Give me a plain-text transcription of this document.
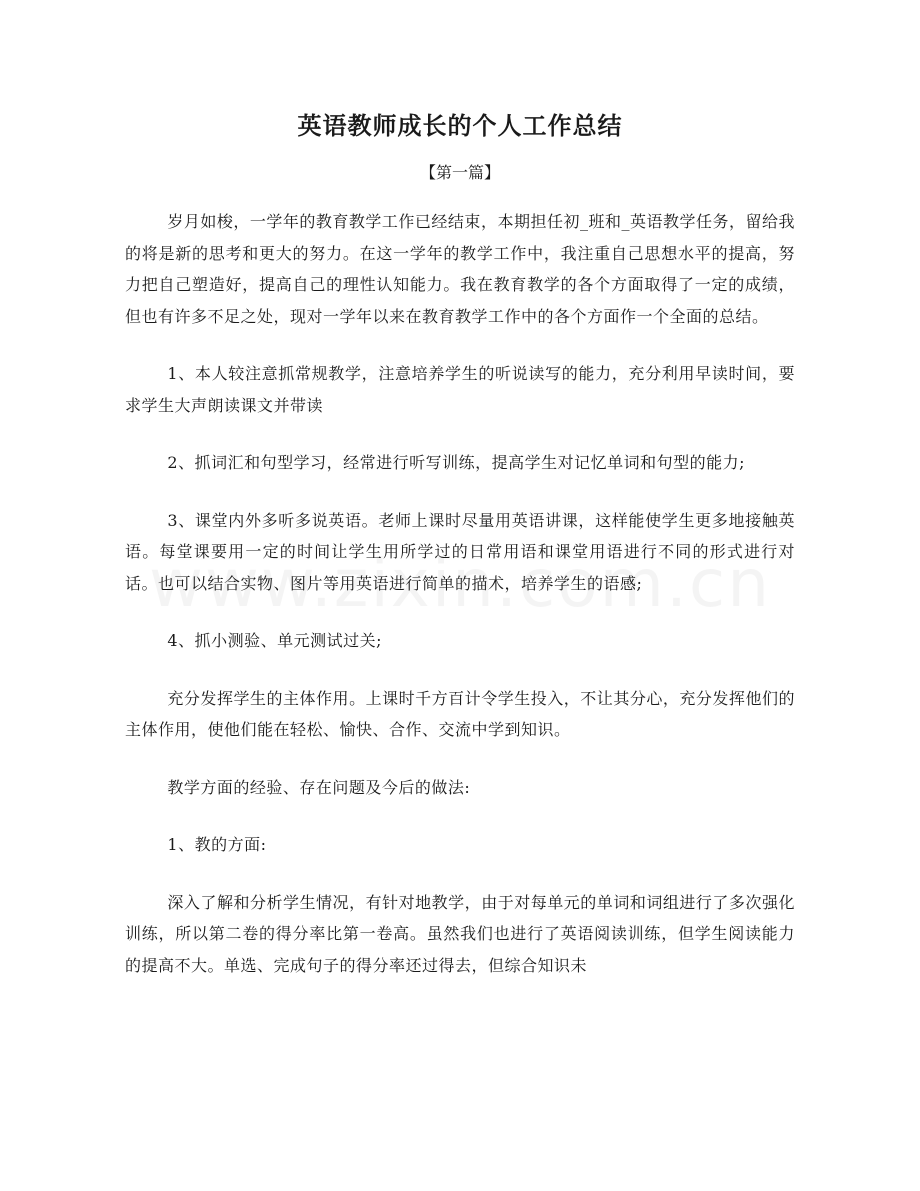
英语教师成长的个人工作总结
【第一篇】

岁月如梭，一学年的教育教学工作已经结束，本期担任初_班和_英语教学任务，留给我的将是新的思考和更大的努力。在这一学年的教学工作中，我注重自己思想水平的提高，努力把自己塑造好，提高自己的理性认知能力。我在教育教学的各个方面取得了一定的成绩，但也有许多不足之处，现对一学年以来在教育教学工作中的各个方面作一个全面的总结。

1、本人较注意抓常规教学，注意培养学生的听说读写的能力，充分利用早读时间，要求学生大声朗读课文并带读

2、抓词汇和句型学习，经常进行听写训练，提高学生对记忆单词和句型的能力;

3、课堂内外多听多说英语。老师上课时尽量用英语讲课，这样能使学生更多地接触英语。每堂课要用一定的时间让学生用所学过的日常用语和课堂用语进行不同的形式进行对话。也可以结合实物、图片等用英语进行简单的描术，培养学生的语感;

4、抓小测验、单元测试过关;

充分发挥学生的主体作用。上课时千方百计令学生投入，不让其分心，充分发挥他们的主体作用，使他们能在轻松、愉快、合作、交流中学到知识。

教学方面的经验、存在问题及今后的做法:

1、教的方面:

深入了解和分析学生情况，有针对地教学，由于对每单元的单词和词组进行了多次强化训练，所以第二卷的得分率比第一卷高。虽然我们也进行了英语阅读训练，但学生阅读能力的提高不大。单选、完成句子的得分率还过得去，但综合知识未
